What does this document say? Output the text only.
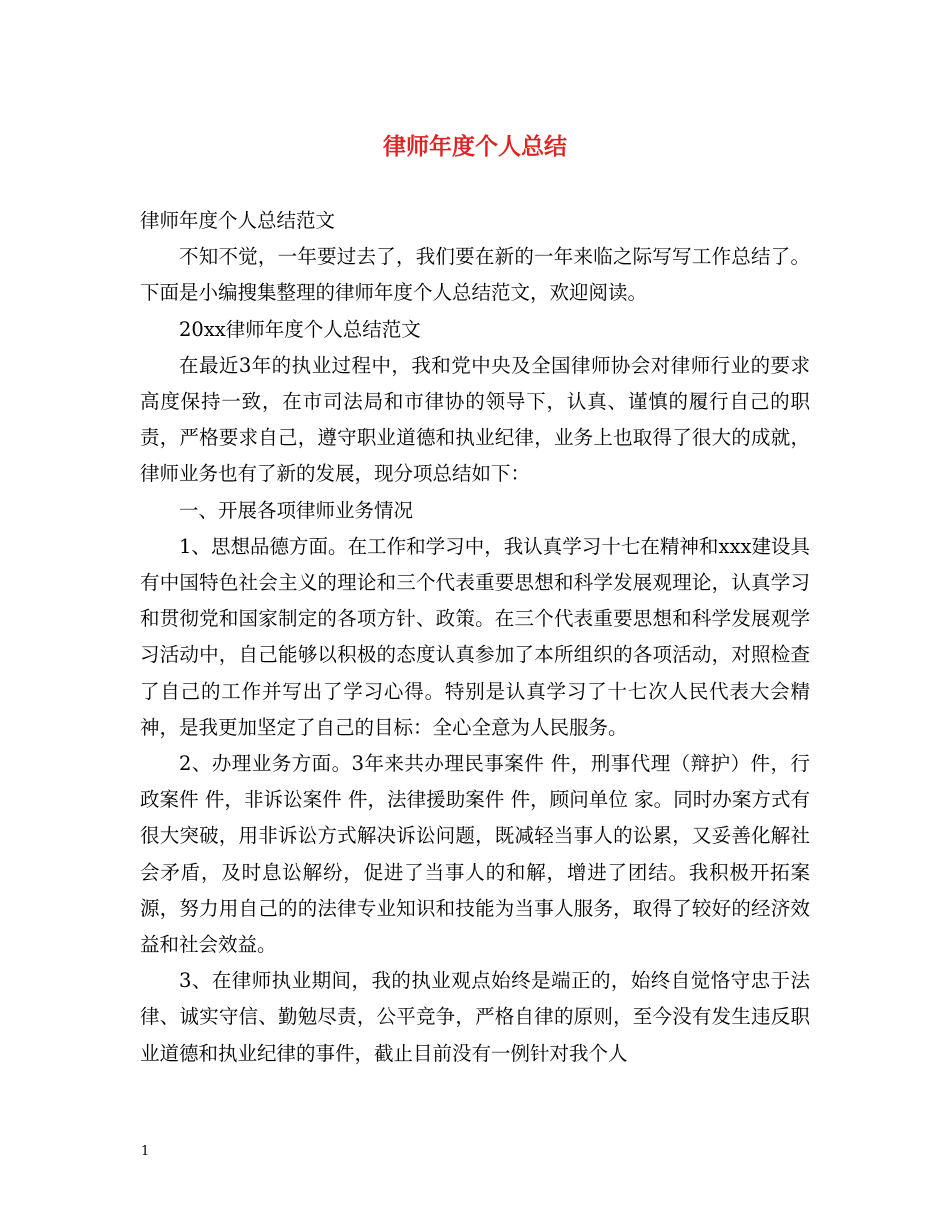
律师年度个人总结

律师年度个人总结范文

不知不觉，一年要过去了，我们要在新的一年来临之际写写工作总结了。下面是小编搜集整理的律师年度个人总结范文，欢迎阅读。

20xx律师年度个人总结范文

在最近3年的执业过程中，我和党中央及全国律师协会对律师行业的要求高度保持一致，在市司法局和市律协的领导下，认真、谨慎的履行自己的职责，严格要求自己，遵守职业道德和执业纪律，业务上也取得了很大的成就，律师业务也有了新的发展，现分项总结如下：

一、开展各项律师业务情况

1、思想品德方面。在工作和学习中，我认真学习十七在精神和xxx建设具有中国特色社会主义的理论和三个代表重要思想和科学发展观理论，认真学习和贯彻党和国家制定的各项方针、政策。在三个代表重要思想和科学发展观学习活动中，自己能够以积极的态度认真参加了本所组织的各项活动，对照检查了自己的工作并写出了学习心得。特别是认真学习了十七次人民代表大会精神，是我更加坚定了自己的目标：全心全意为人民服务。

2、办理业务方面。3年来共办理民事案件 件，刑事代理（辩护）件，行政案件 件，非诉讼案件 件，法律援助案件 件，顾问单位 家。同时办案方式有很大突破，用非诉讼方式解决诉讼问题，既减轻当事人的讼累，又妥善化解社会矛盾，及时息讼解纷，促进了当事人的和解，增进了团结。我积极开拓案源，努力用自己的的法律专业知识和技能为当事人服务，取得了较好的经济效益和社会效益。

3、在律师执业期间，我的执业观点始终是端正的，始终自觉恪守忠于法律、诚实守信、勤勉尽责，公平竞争，严格自律的原则，至今没有发生违反职业道德和执业纪律的事件，截止目前没有一例针对我个人

1
